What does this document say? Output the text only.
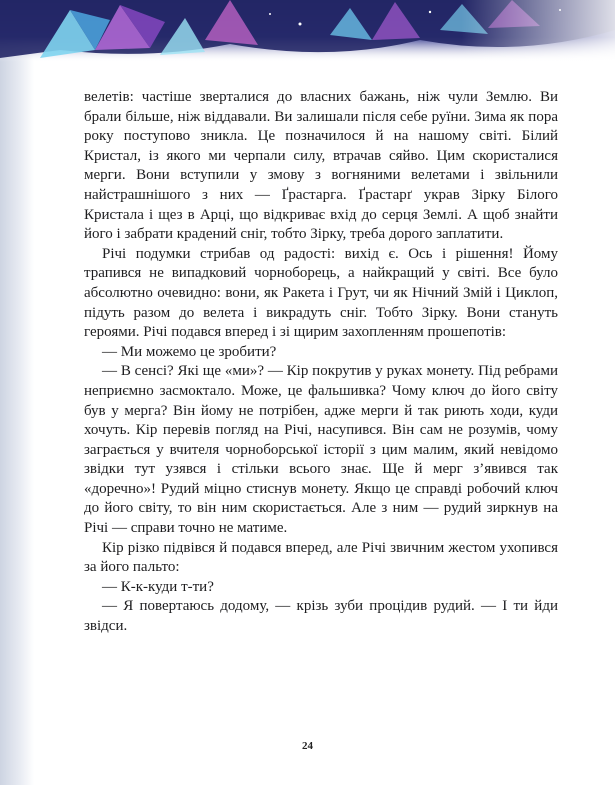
велетів: частіше зверталися до власних бажань, ніж чули Землю. Ви брали більше, ніж віддавали. Ви залишали після себе руїни. Зима як пора року поступово зникла. Це позначилося й на нашому світі. Білий Кристал, із якого ми черпали силу, втрачав сяйво. Цим скористалися мерги. Вони вступили у змову з вогняними велетами і звільнили найстрашнішого з них — Ґрастарга. Ґрастарґ украв Зірку Білого Кристала і щез в Арці, що відкриває вхід до серця Землі. А щоб знайти його і забрати крадений сніг, тобто Зірку, треба дорого заплатити.

Річі подумки стрибав од радості: вихід є. Ось і рішення! Йому трапився не випадковий чорноборець, а найкращий у світі. Все було абсолютно очевидно: вони, як Ракета і Грут, чи як Нічний Змій і Циклоп, підуть разом до велета і викрадуть сніг. Тобто Зірку. Вони стануть героями. Річі подався вперед і зі щирим захопленням прошепотів:

— Ми можемо це зробити?

— В сенсі? Які ще «ми»? — Кір покрутив у руках монету. Під ребрами неприємно засмоктало. Може, це фальшивка? Чому ключ до його світу був у мерга? Він йому не потрібен, адже мерги й так риють ходи, куди хочуть. Кір перевів погляд на Річі, насупився. Він сам не розумів, чому заграється у вчителя чорноборської історії з цим малим, який невідомо звідки тут узявся і стільки всього знає. Ще й мерг з’явився так «доречно»! Рудий міцно стиснув монету. Якщо це справді робочий ключ до його світу, то він ним скористається. Але з ним — рудий зиркнув на Річі — справи точно не матиме.

Кір різко підвівся й подався вперед, але Річі звичним жестом ухопився за його пальто:

— К-к-куди т-ти?

— Я повертаюсь додому, — крізь зуби процідив рудий. — І ти йди звідси.

24
